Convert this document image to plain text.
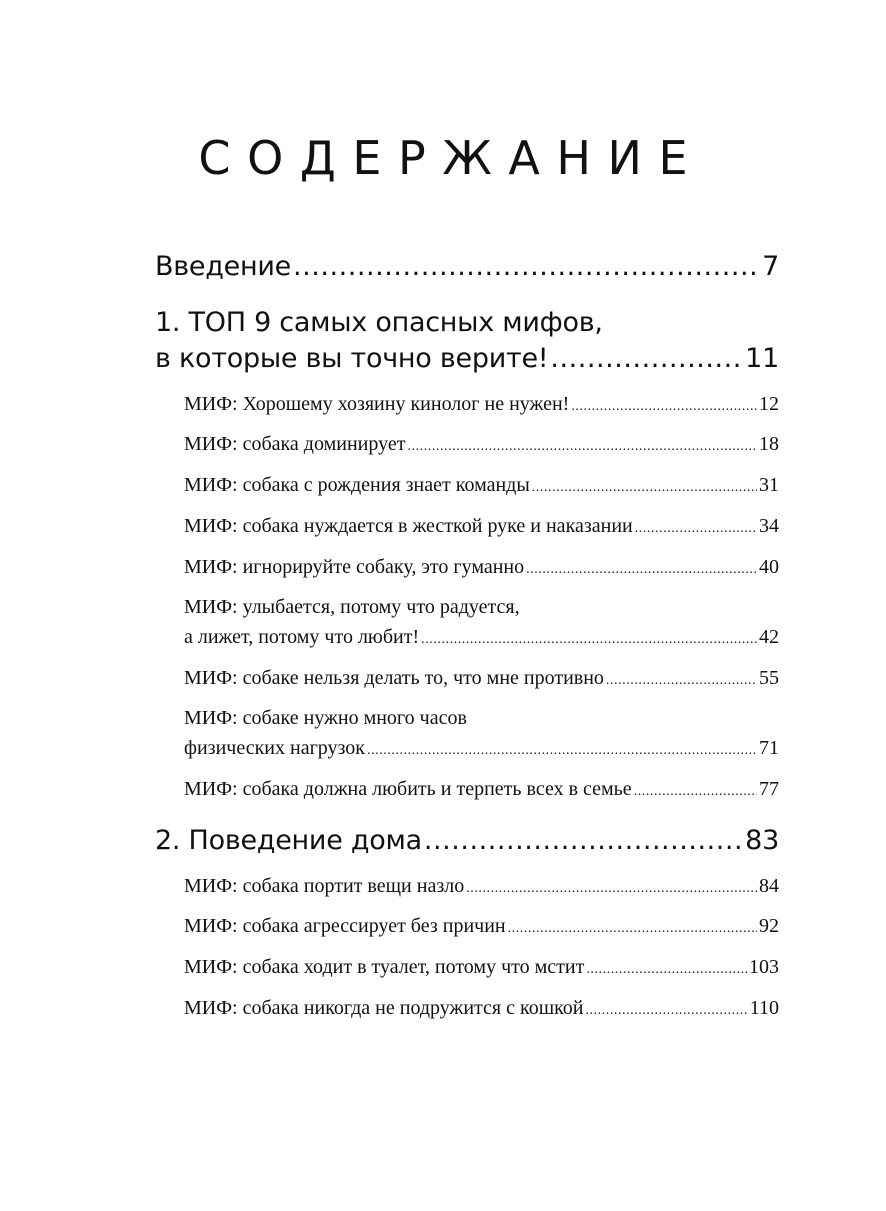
СОДЕРЖАНИЕ
Введение .....	7
1. ТОП 9 самых опасных мифов,
в которые вы точно верите! .....	11
МИФ: Хорошему хозяину кинолог не нужен! .....	12
МИФ: собака доминирует .....	18
МИФ: собака с рождения знает команды .....	31
МИФ: собака нуждается в жесткой руке и наказании .....	34
МИФ: игнорируйте собаку, это гуманно .....	40
МИФ: улыбается, потому что радуется,
а лижет, потому что любит! .....	42
МИФ: собаке нельзя делать то, что мне противно .....	55
МИФ: собаке нужно много часов
физических нагрузок .....	71
МИФ: собака должна любить и терпеть всех в семье .....	77
2. Поведение дома .....	83
МИФ: собака портит вещи назло .....	84
МИФ: собака агрессирует без причин .....	92
МИФ: собака ходит в туалет, потому что мстит .....	103
МИФ: собака никогда не подружится с кошкой .....	110
